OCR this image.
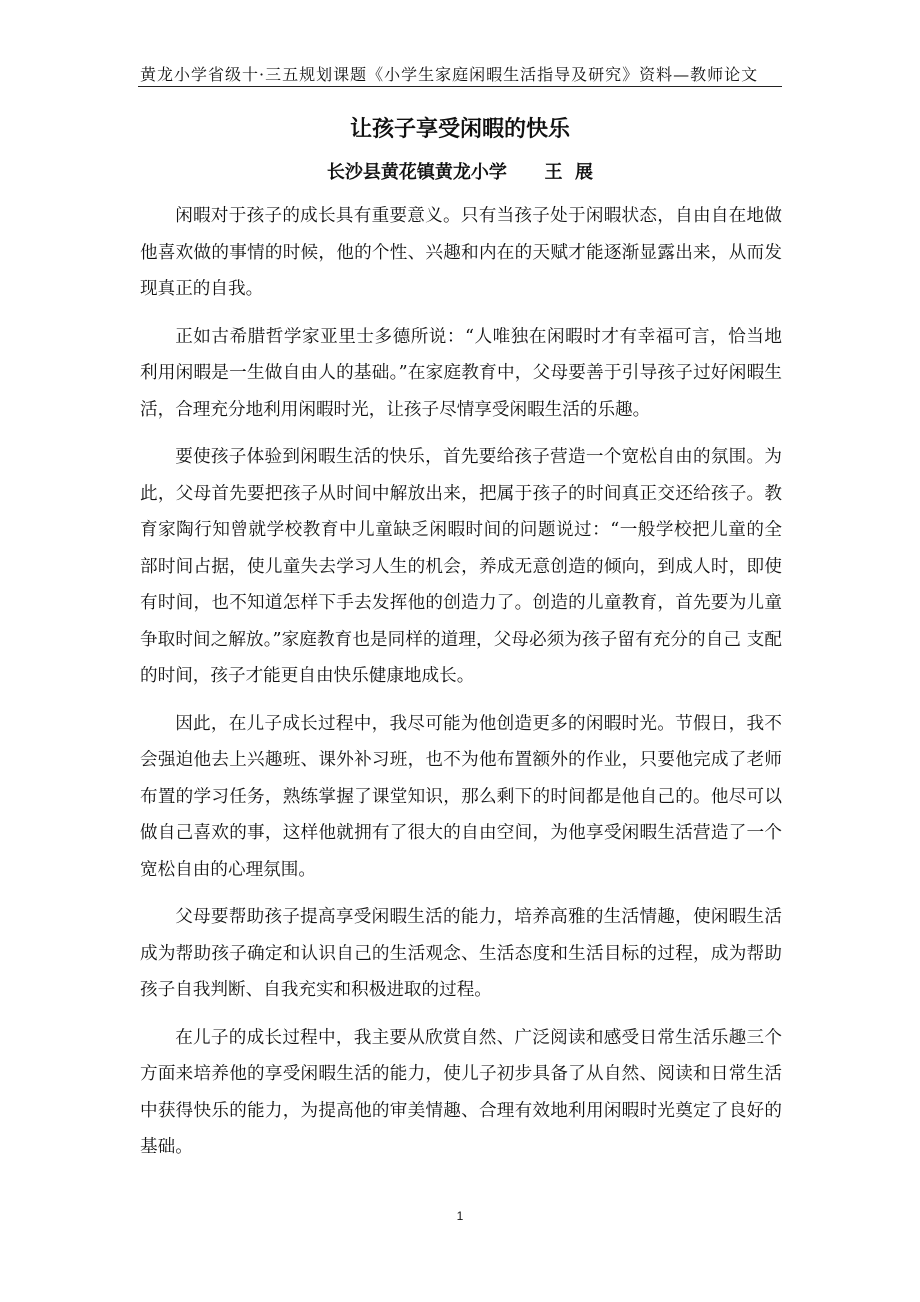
黄龙小学省级十·三五规划课题《小学生家庭闲暇生活指导及研究》资料—教师论文
让孩子享受闲暇的快乐
长沙县黄花镇黄龙小学      王  展

闲暇对于孩子的成长具有重要意义。只有当孩子处于闲暇状态，自由自在地做他喜欢做的事情的时候，他的个性、兴趣和内在的天赋才能逐渐显露出来，从而发现真正的自我。

正如古希腊哲学家亚里士多德所说：“人唯独在闲暇时才有幸福可言，恰当地利用闲暇是一生做自由人的基础。”在家庭教育中，父母要善于引导孩子过好闲暇生活，合理充分地利用闲暇时光，让孩子尽情享受闲暇生活的乐趣。

要使孩子体验到闲暇生活的快乐，首先要给孩子营造一个宽松自由的氛围。为此，父母首先要把孩子从时间中解放出来，把属于孩子的时间真正交还给孩子。教育家陶行知曾就学校教育中儿童缺乏闲暇时间的问题说过：“一般学校把儿童的全部时间占据，使儿童失去学习人生的机会，养成无意创造的倾向，到成人时，即使有时间，也不知道怎样下手去发挥他的创造力了。创造的儿童教育，首先要为儿童争取时间之解放。”家庭教育也是同样的道理，父母必须为孩子留有充分的自己 支配的时间，孩子才能更自由快乐健康地成长。

因此，在儿子成长过程中，我尽可能为他创造更多的闲暇时光。节假日，我不会强迫他去上兴趣班、课外补习班，也不为他布置额外的作业，只要他完成了老师布置的学习任务，熟练掌握了课堂知识，那么剩下的时间都是他自己的。他尽可以做自己喜欢的事，这样他就拥有了很大的自由空间，为他享受闲暇生活营造了一个宽松自由的心理氛围。

父母要帮助孩子提高享受闲暇生活的能力，培养高雅的生活情趣，使闲暇生活成为帮助孩子确定和认识自己的生活观念、生活态度和生活目标的过程，成为帮助孩子自我判断、自我充实和积极进取的过程。

在儿子的成长过程中，我主要从欣赏自然、广泛阅读和感受日常生活乐趣三个方面来培养他的享受闲暇生活的能力，使儿子初步具备了从自然、阅读和日常生活中获得快乐的能力，为提高他的审美情趣、合理有效地利用闲暇时光奠定了良好的基础。

1
